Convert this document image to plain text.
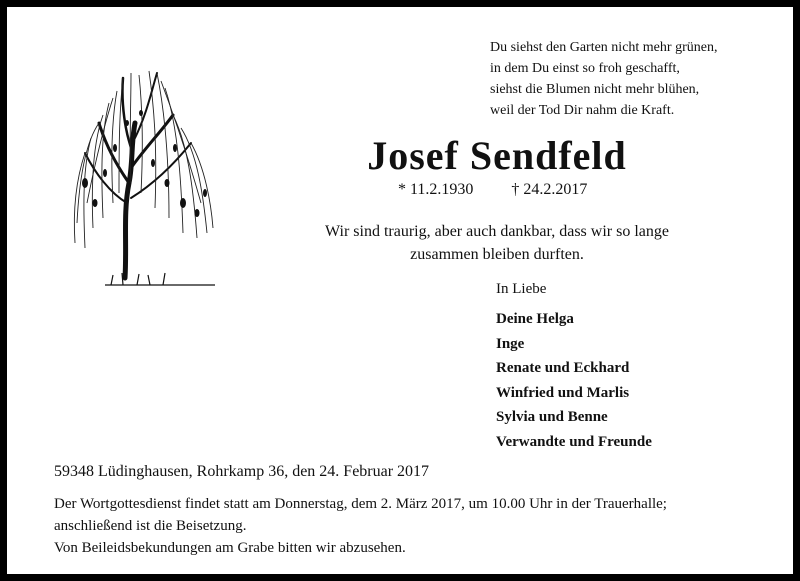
Du siehst den Garten nicht mehr grünen,
in dem Du einst so froh geschafft,
siehst die Blumen nicht mehr blühen,
weil der Tod Dir nahm die Kraft.
Josef Sendfeld
* 11.2.1930 † 24.2.2017
Wir sind traurig, aber auch dankbar, dass wir so lange
zusammen bleiben durften.
In Liebe
Deine Helga
Inge
Renate und Eckhard
Winfried und Marlis
Sylvia und Benne
Verwandte und Freunde
59348 Lüdinghausen, Rohrkamp 36, den 24. Februar 2017
Der Wortgottesdienst findet statt am Donnerstag, dem 2. März 2017, um 10.00 Uhr in der Trauerhalle;
anschließend ist die Beisetzung.
Von Beileidsbekundungen am Grabe bitten wir abzusehen.
